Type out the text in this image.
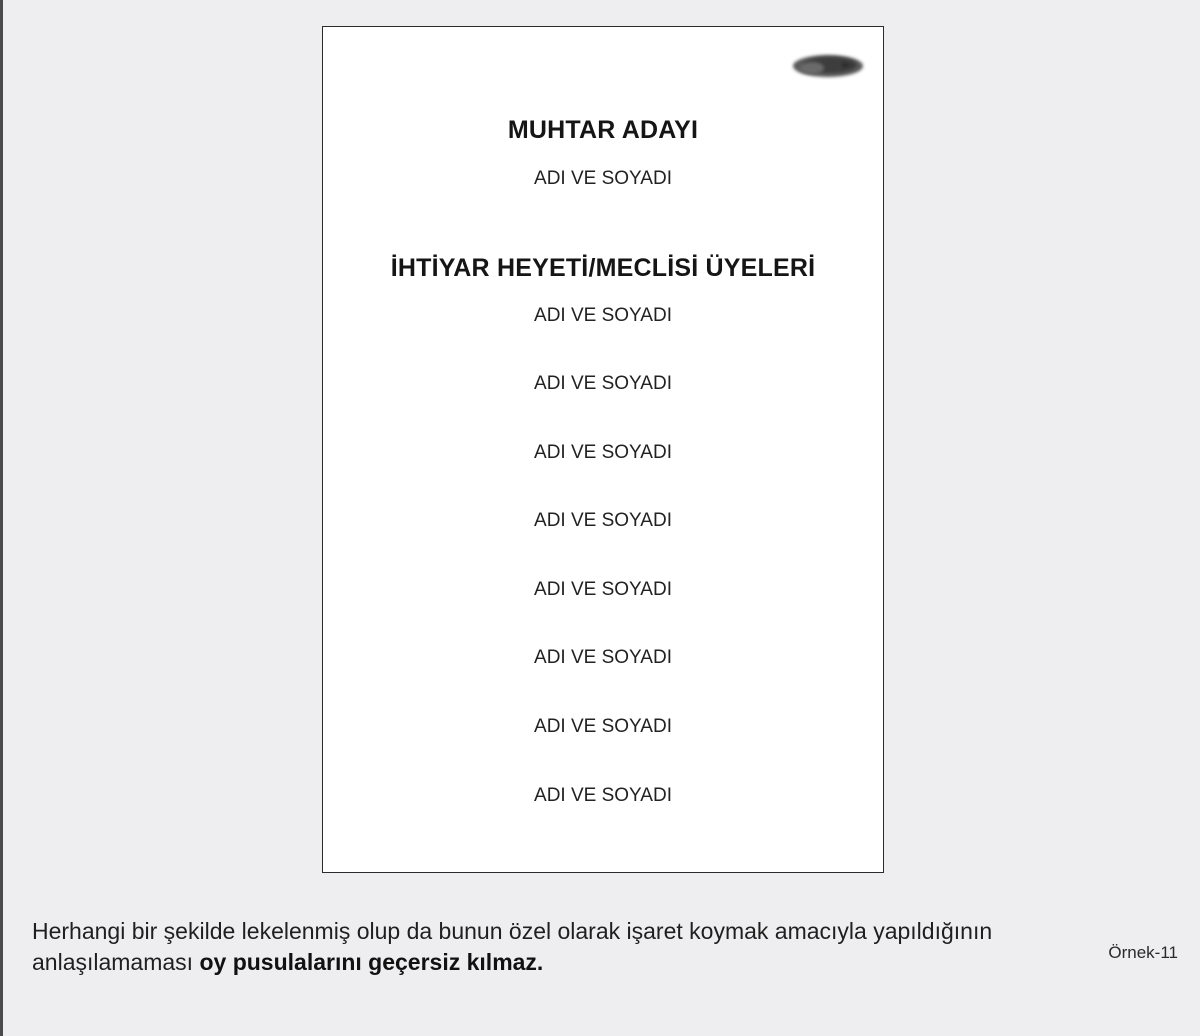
MUHTAR ADAYI
ADI VE SOYADI
İHTİYAR HEYETİ/MECLİSİ ÜYELERİ
ADI VE SOYADI
ADI VE SOYADI
ADI VE SOYADI
ADI VE SOYADI
ADI VE SOYADI
ADI VE SOYADI
ADI VE SOYADI
ADI VE SOYADI
Herhangi bir şekilde lekelenmiş olup da bunun özel olarak işaret koymak amacıyla yapıldığının anlaşılamaması oy pusulalarını geçersiz kılmaz.	Örnek-11
